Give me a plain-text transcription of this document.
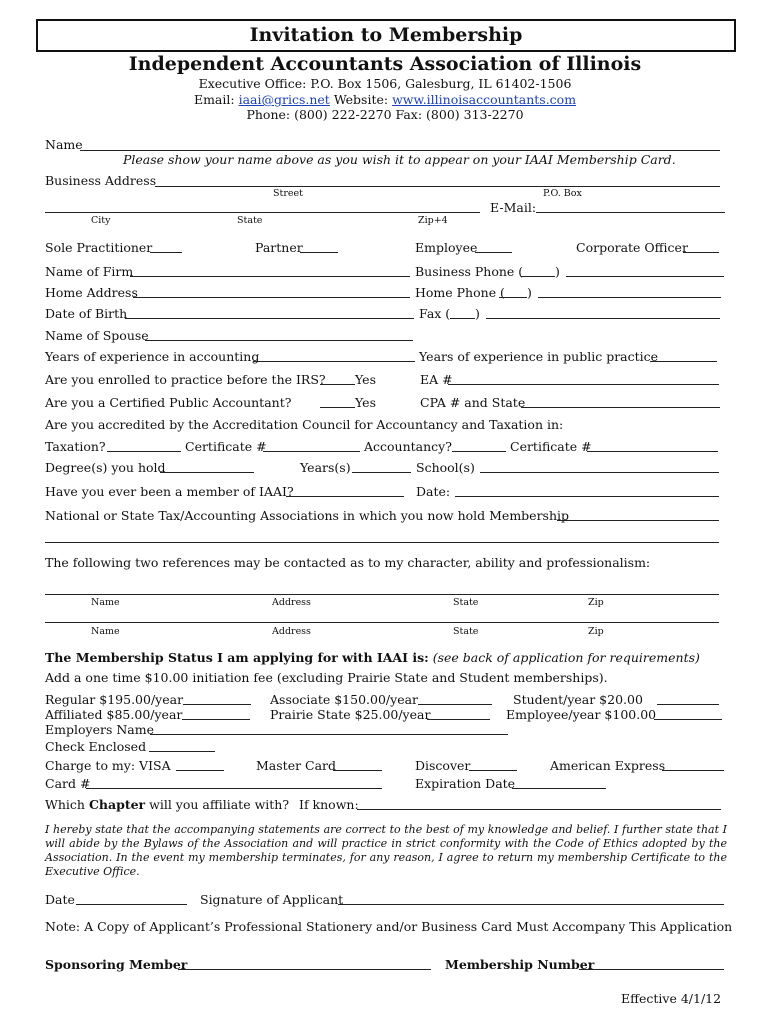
Invitation to Membership
Independent Accountants Association of Illinois
Executive Office: P.O. Box 1506, Galesburg, IL 61402-1506
Email: iaai@grics.net Website: www.illinoisaccountants.com
Phone: (800) 222-2270 Fax: (800) 313-2270
Name
Please show your name above as you wish it to appear on your IAAI Membership Card.
Business Address
Street	P.O. Box
E-Mail:
City	State	Zip+4
Sole Practitioner	Partner	Employee	Corporate Officer
Name of Firm	Business Phone (	)
Home Address	Home Phone ( )
Date of Birth	Fax ( )
Name of Spouse
Years of experience in accounting	Years of experience in public practice
Are you enrolled to practice before the IRS? Yes	EA #
Are you a Certified Public Accountant?	Yes	CPA # and State
Are you accredited by the Accreditation Council for Accountancy and Taxation in:
Taxation?	Certificate #	Accountancy?	Certificate #
Degree(s) you hold	Years(s)	School(s)
Have you ever been a member of IAAI?	Date:
National or State Tax/Accounting Associations in which you now hold Membership
The following two references may be contacted as to my character, ability and professionalism:
Name	Address	State	Zip
Name	Address	State	Zip
The Membership Status I am applying for with IAAI is: (see back of application for requirements)
Add a one time $10.00 initiation fee (excluding Prairie State and Student memberships).
Regular $195.00/year	Associate $150.00/year	Student/year $20.00
Affiliated $85.00/year	Prairie State $25.00/year	Employee/year $100.00
Employers Name
Check Enclosed
Charge to my: VISA	Master Card	Discover	American Express
Card #	Expiration Date
Which Chapter will you affiliate with? If known:
I hereby state that the accompanying statements are correct to the best of my knowledge and belief. I further state that I will abide by the Bylaws of the Association and will practice in strict conformity with the Code of Ethics adopted by the Association. In the event my membership terminates, for any reason, I agree to return my membership Certificate to the Executive Office.
Date	Signature of Applicant
Note: A Copy of Applicant’s Professional Stationery and/or Business Card Must Accompany This Application
Sponsoring Member	Membership Number
Effective 4/1/12
